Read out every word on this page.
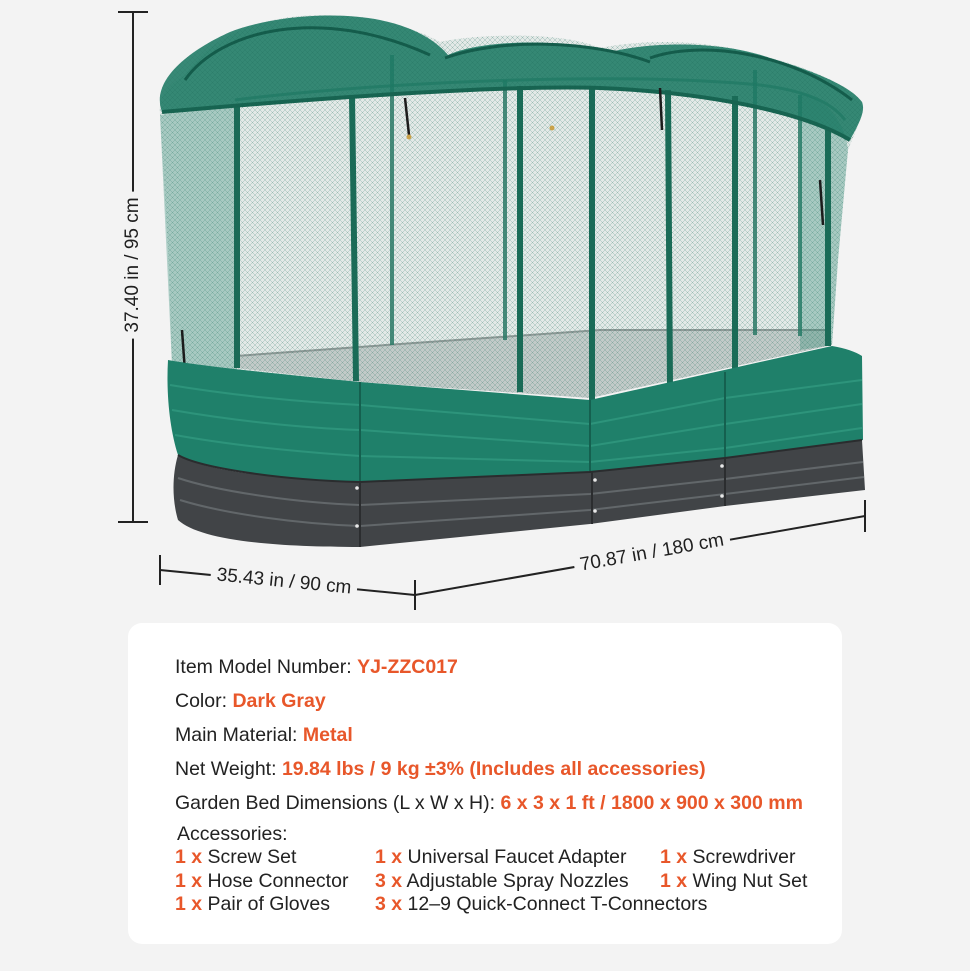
37.40 in / 95 cm
35.43 in / 90 cm
70.87 in / 180 cm
Item Model Number: YJ-ZZC017
Color: Dark Gray
Main Material: Metal
Net Weight: 19.84 lbs / 9 kg ±3% (Includes all accessories)
Garden Bed Dimensions (L x W x H): 6 x 3 x 1 ft / 1800 x 900 x 300 mm
Accessories:
1 x Screw Set	1 x Universal Faucet Adapter	1 x Screwdriver
1 x Hose Connector	3 x Adjustable Spray Nozzles	1 x Wing Nut Set
1 x Pair of Gloves	3 x 12–9 Quick-Connect T-Connectors
